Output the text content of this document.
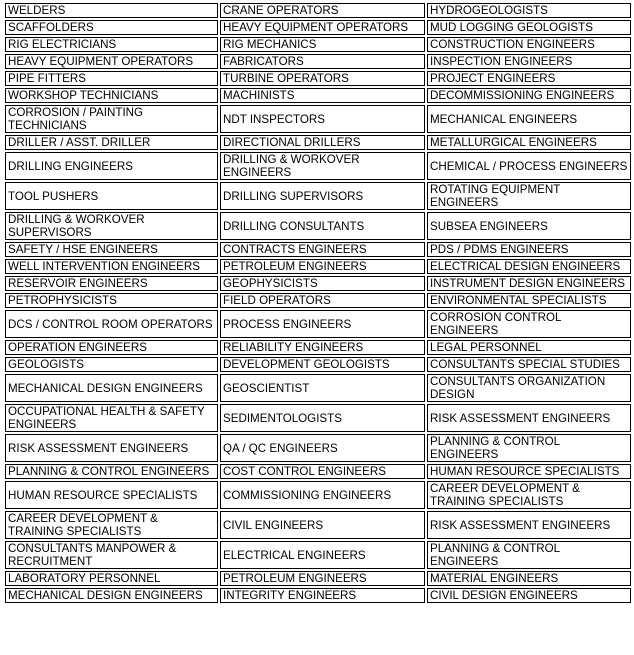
WELDERS	CRANE OPERATORS	HYDROGEOLOGISTS
SCAFFOLDERS	HEAVY EQUIPMENT OPERATORS	MUD LOGGING GEOLOGISTS
RIG ELECTRICIANS	RIG MECHANICS	CONSTRUCTION ENGINEERS
HEAVY EQUIPMENT OPERATORS	FABRICATORS	INSPECTION ENGINEERS
PIPE FITTERS	TURBINE OPERATORS	PROJECT ENGINEERS
WORKSHOP TECHNICIANS	MACHINISTS	DECOMMISSIONING ENGINEERS
CORROSION / PAINTING TECHNICIANS	NDT INSPECTORS	MECHANICAL ENGINEERS
DRILLER / ASST. DRILLER	DIRECTIONAL DRILLERS	METALLURGICAL ENGINEERS
DRILLING ENGINEERS	DRILLING & WORKOVER ENGINEERS	CHEMICAL / PROCESS ENGINEERS
TOOL PUSHERS	DRILLING SUPERVISORS	ROTATING EQUIPMENT ENGINEERS
DRILLING & WORKOVER SUPERVISORS	DRILLING CONSULTANTS	SUBSEA ENGINEERS
SAFETY / HSE ENGINEERS	CONTRACTS ENGINEERS	PDS / PDMS ENGINEERS
WELL INTERVENTION ENGINEERS	PETROLEUM ENGINEERS	ELECTRICAL DESIGN ENGINEERS
RESERVOIR ENGINEERS	GEOPHYSICISTS	INSTRUMENT DESIGN ENGINEERS
PETROPHYSICISTS	FIELD OPERATORS	ENVIRONMENTAL SPECIALISTS
DCS / CONTROL ROOM OPERATORS	PROCESS ENGINEERS	CORROSION CONTROL ENGINEERS
OPERATION ENGINEERS	RELIABILITY ENGINEERS	LEGAL PERSONNEL
GEOLOGISTS	DEVELOPMENT GEOLOGISTS	CONSULTANTS SPECIAL STUDIES
MECHANICAL DESIGN ENGINEERS	GEOSCIENTIST	CONSULTANTS ORGANIZATION DESIGN
OCCUPATIONAL HEALTH & SAFETY ENGINEERS	SEDIMENTOLOGISTS	RISK ASSESSMENT ENGINEERS
RISK ASSESSMENT ENGINEERS	QA / QC ENGINEERS	PLANNING & CONTROL ENGINEERS
PLANNING & CONTROL ENGINEERS	COST CONTROL ENGINEERS	HUMAN RESOURCE SPECIALISTS
HUMAN RESOURCE SPECIALISTS	COMMISSIONING ENGINEERS	CAREER DEVELOPMENT & TRAINING SPECIALISTS
CAREER DEVELOPMENT & TRAINING SPECIALISTS	CIVIL ENGINEERS	RISK ASSESSMENT ENGINEERS
CONSULTANTS MANPOWER & RECRUITMENT	ELECTRICAL ENGINEERS	PLANNING & CONTROL ENGINEERS
LABORATORY PERSONNEL	PETROLEUM ENGINEERS	MATERIAL ENGINEERS
MECHANICAL DESIGN ENGINEERS	INTEGRITY ENGINEERS	CIVIL DESIGN ENGINEERS
